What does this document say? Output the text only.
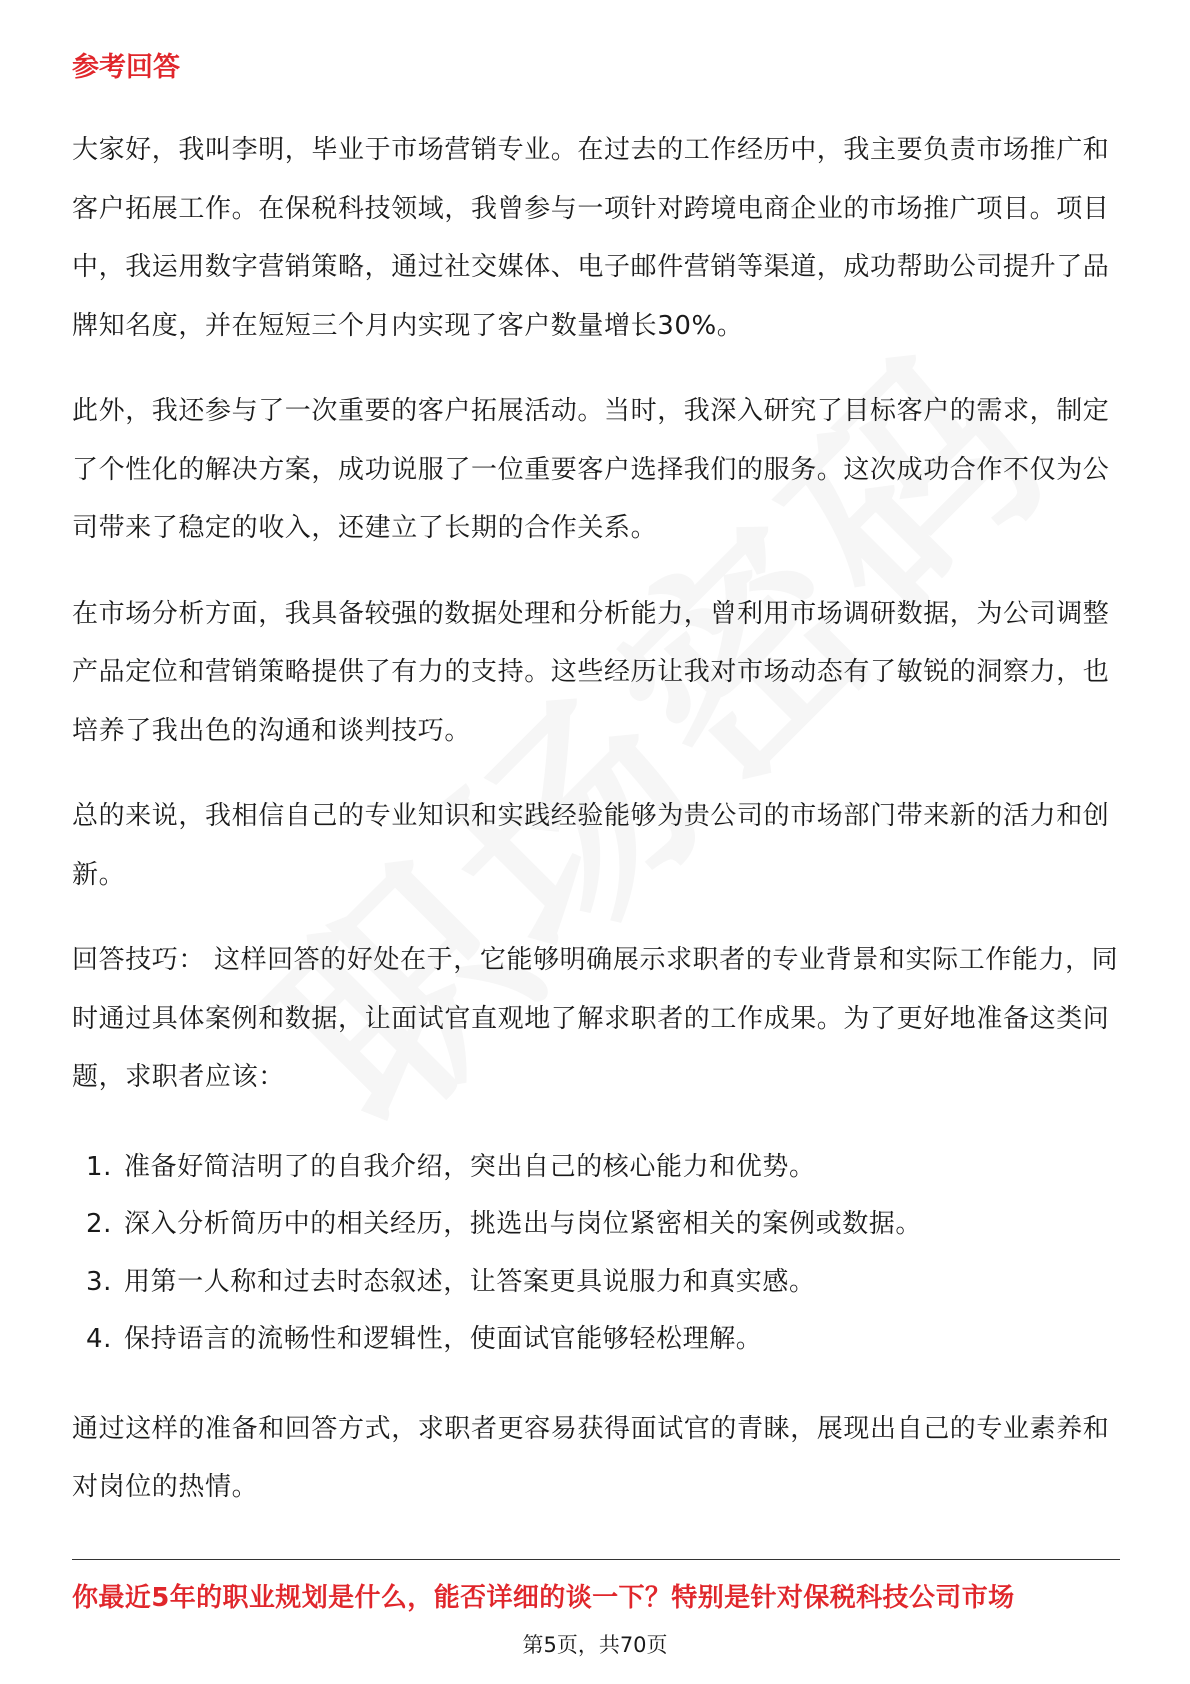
参考回答

大家好，我叫李明，毕业于市场营销专业。在过去的工作经历中，我主要负责市场推广和客户拓展工作。在保税科技领域，我曾参与一项针对跨境电商企业的市场推广项目。项目中，我运用数字营销策略，通过社交媒体、电子邮件营销等渠道，成功帮助公司提升了品牌知名度，并在短短三个月内实现了客户数量增长30%。

此外，我还参与了一次重要的客户拓展活动。当时，我深入研究了目标客户的需求，制定了个性化的解决方案，成功说服了一位重要客户选择我们的服务。这次成功合作不仅为公司带来了稳定的收入，还建立了长期的合作关系。

在市场分析方面，我具备较强的数据处理和分析能力，曾利用市场调研数据，为公司调整产品定位和营销策略提供了有力的支持。这些经历让我对市场动态有了敏锐的洞察力，也培养了我出色的沟通和谈判技巧。

总的来说，我相信自己的专业知识和实践经验能够为贵公司的市场部门带来新的活力和创新。

回答技巧： 这样回答的好处在于，它能够明确展示求职者的专业背景和实际工作能力，同时通过具体案例和数据，让面试官直观地了解求职者的工作成果。为了更好地准备这类问题，求职者应该：

1. 准备好简洁明了的自我介绍，突出自己的核心能力和优势。
2. 深入分析简历中的相关经历，挑选出与岗位紧密相关的案例或数据。
3. 用第一人称和过去时态叙述，让答案更具说服力和真实感。
4. 保持语言的流畅性和逻辑性，使面试官能够轻松理解。

通过这样的准备和回答方式，求职者更容易获得面试官的青睐，展现出自己的专业素养和对岗位的热情。

你最近5年的职业规划是什么，能否详细的谈一下？特别是针对保税科技公司市场

第5页，共70页
